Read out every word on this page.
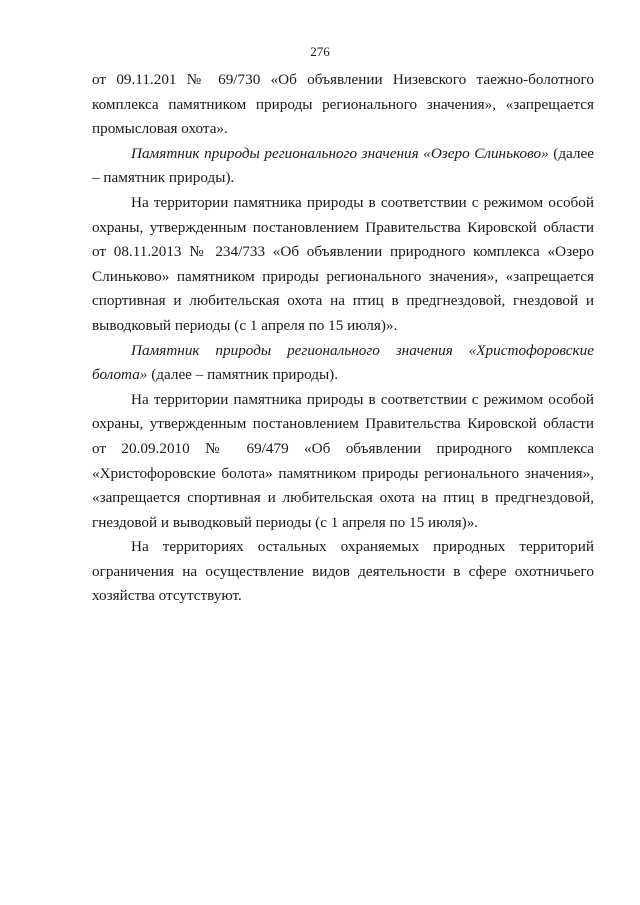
276

от 09.11.201 № 69/730 «Об объявлении Низевского таежно-болотного комплекса памятником природы регионального значения», «запрещается промысловая охота».

Памятник природы регионального значения «Озеро Слиньково» (далее – памятник природы).

На территории памятника природы в соответствии с режимом особой охраны, утвержденным постановлением Правительства Кировской области от 08.11.2013 № 234/733 «Об объявлении природного комплекса «Озеро Слиньково» памятником природы регионального значения», «запрещается спортивная и любительская охота на птиц в предгнездовой, гнездовой и выводковый периоды (с 1 апреля по 15 июля)».

Памятник природы регионального значения «Христофоровские болота» (далее – памятник природы).

На территории памятника природы в соответствии с режимом особой охраны, утвержденным постановлением Правительства Кировской области от 20.09.2010 № 69/479 «Об объявлении природного комплекса «Христофоровские болота» памятником природы регионального значения», «запрещается спортивная и любительская охота на птиц в предгнездовой, гнездовой и выводковый периоды (с 1 апреля по 15 июля)».

На территориях остальных охраняемых природных территорий ограничения на осуществление видов деятельности в сфере охотничьего хозяйства отсутствуют.
